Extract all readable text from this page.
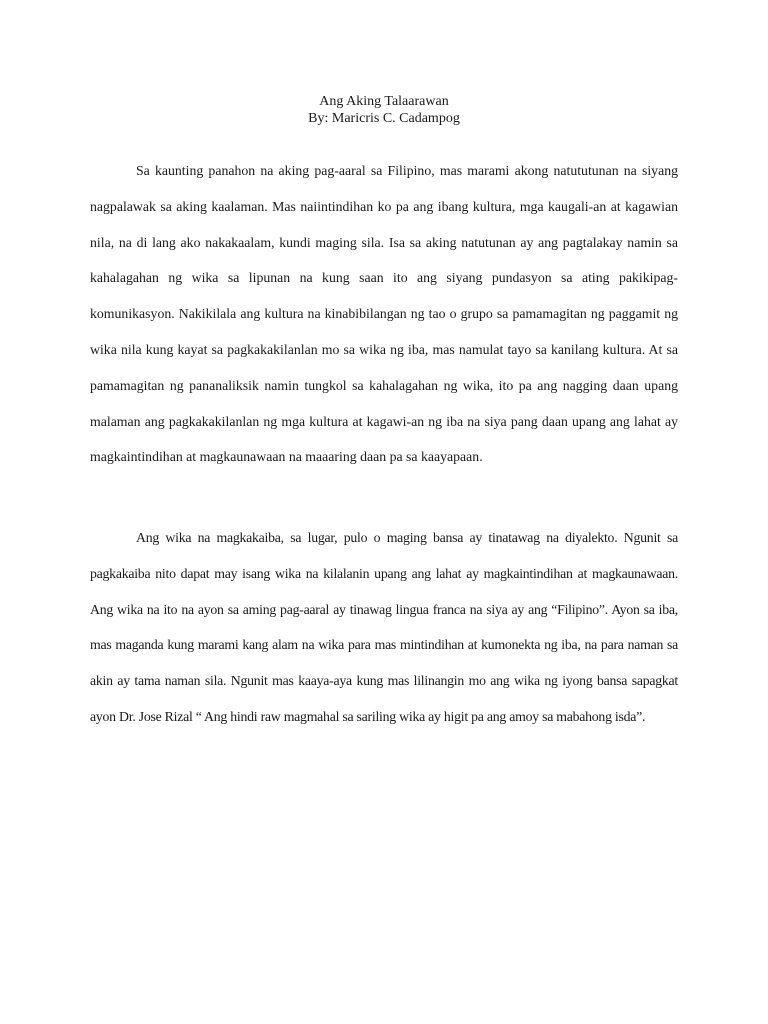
Ang Aking Talaarawan
By: Maricris C. Cadampog

Sa kaunting panahon na aking pag-aaral sa Filipino, mas marami akong natututunan na siyang nagpalawak sa aking kaalaman. Mas naiintindihan ko pa ang ibang kultura, mga kaugali-an at kagawian nila, na di lang ako nakakaalam, kundi maging sila. Isa sa aking natutunan ay ang pagtalakay namin sa kahalagahan ng wika sa lipunan na kung saan ito ang siyang pundasyon sa ating pakikipag-komunikasyon. Nakikilala ang kultura na kinabibilangan ng tao o grupo sa pamamagitan ng paggamit ng wika nila kung kayat sa pagkakakilanlan mo sa wika ng iba, mas namulat tayo sa kanilang kultura. At sa pamamagitan ng pananaliksik namin tungkol sa kahalagahan ng wika, ito pa ang nagging daan upang malaman ang pagkakakilanlan ng mga kultura at kagawi-an ng iba na siya pang daan upang ang lahat ay magkaintindihan at magkaunawaan na maaaring daan pa sa kaayapaan.

Ang wika na magkakaiba, sa lugar, pulo o maging bansa ay tinatawag na diyalekto. Ngunit sa pagkakaiba nito dapat may isang wika na kilalanin upang ang lahat ay magkaintindihan at magkaunawaan. Ang wika na ito na ayon sa aming pag-aaral ay tinawag lingua franca na siya ay ang “Filipino”. Ayon sa iba, mas maganda kung marami kang alam na wika para mas mintindihan at kumonekta ng iba, na para naman sa akin ay tama naman sila. Ngunit mas kaaya-aya kung mas lilinangin mo ang wika ng iyong bansa sapagkat ayon Dr. Jose Rizal “ Ang hindi raw magmahal sa sariling wika ay higit pa ang amoy sa mabahong isda”.
